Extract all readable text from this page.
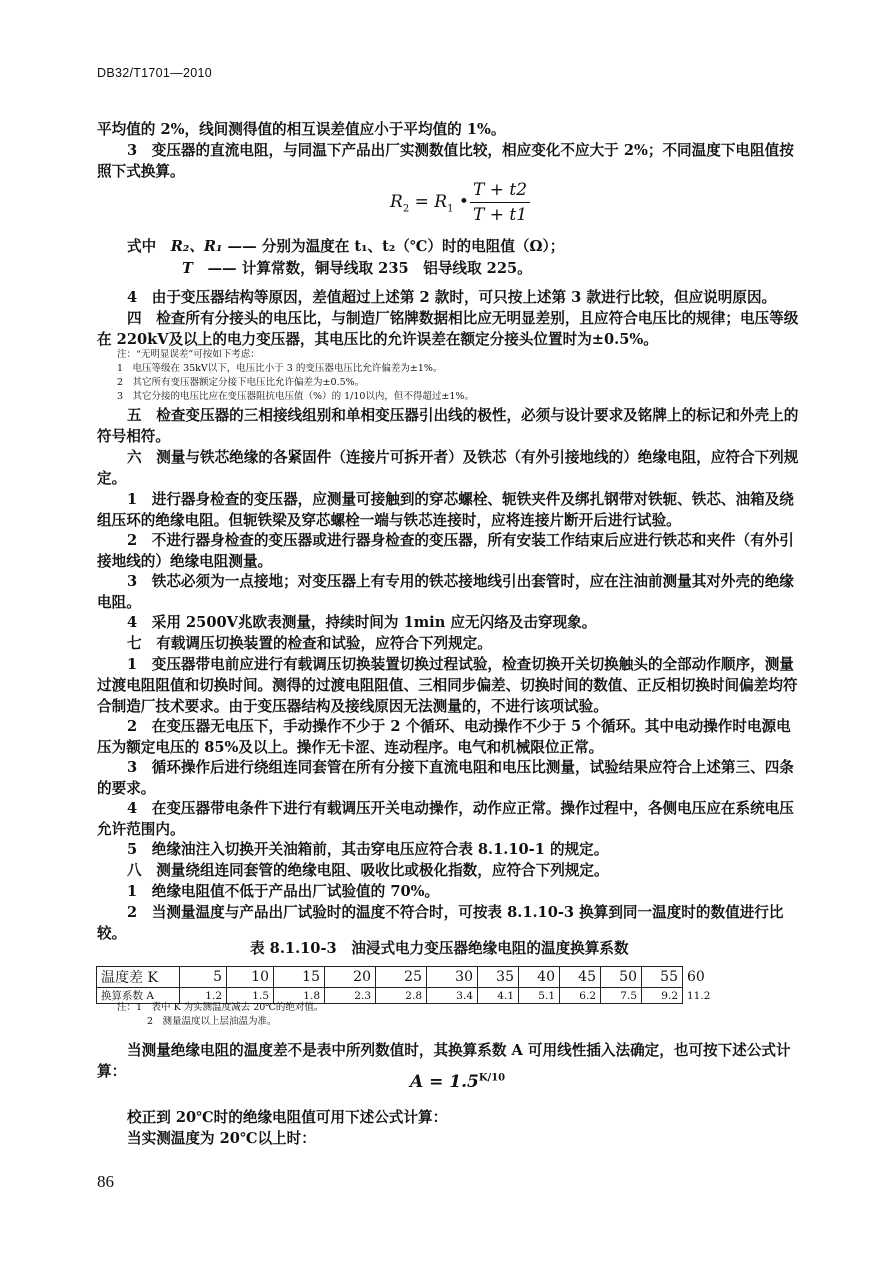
DB32/T1701—2010
平均值的 2%，线间测得值的相互误差值应小于平均值的 1%。
3　变压器的直流电阻，与同温下产品出厂实测数值比较，相应变化不应大于 2%；不同温度下电阻值按照下式换算。
$R_2 = R_1$ • $\frac{T + t2}{T + t1}$
式中　R₂、R₁ —— 分别为温度在 t₁、t₂（℃）时的电阻值（Ω）；
T　—— 计算常数，铜导线取 235　铝导线取 225。
4　由于变压器结构等原因，差值超过上述第 2 款时，可只按上述第 3 款进行比较，但应说明原因。
四　检查所有分接头的电压比，与制造厂铭牌数据相比应无明显差别，且应符合电压比的规律；电压等级在 220kV及以上的电力变压器，其电压比的允许误差在额定分接头位置时为±0.5%。
注：“无明显误差”可按如下考虑：
1　电压等级在 35kV以下，电压比小于 3 的变压器电压比允许偏差为±1%。
2　其它所有变压器额定分接下电压比允许偏差为±0.5%。
3　其它分接的电压比应在变压器阻抗电压值（%）的 1/10以内，但不得超过±1%。
五　检查变压器的三相接线组别和单相变压器引出线的极性，必须与设计要求及铭牌上的标记和外壳上的符号相符。
六　测量与铁芯绝缘的各紧固件（连接片可拆开者）及铁芯（有外引接地线的）绝缘电阻，应符合下列规定。
1　进行器身检查的变压器，应测量可接触到的穿芯螺栓、轭铁夹件及绑扎钢带对铁轭、铁芯、油箱及绕组压环的绝缘电阻。但轭铁梁及穿芯螺栓一端与铁芯连接时，应将连接片断开后进行试验。
2　不进行器身检查的变压器或进行器身检查的变压器，所有安装工作结束后应进行铁芯和夹件（有外引接地线的）绝缘电阻测量。
3　铁芯必须为一点接地；对变压器上有专用的铁芯接地线引出套管时，应在注油前测量其对外壳的绝缘电阻。
4　采用 2500V兆欧表测量，持续时间为 1min 应无闪络及击穿现象。
七　有载调压切换装置的检查和试验，应符合下列规定。
1　变压器带电前应进行有载调压切换装置切换过程试验，检查切换开关切换触头的全部动作顺序，测量过渡电阻阻值和切换时间。测得的过渡电阻阻值、三相同步偏差、切换时间的数值、正反相切换时间偏差均符合制造厂技术要求。由于变压器结构及接线原因无法测量的，不进行该项试验。
2　在变压器无电压下，手动操作不少于 2 个循环、电动操作不少于 5 个循环。其中电动操作时电源电压为额定电压的 85%及以上。操作无卡涩、连动程序。电气和机械限位正常。
3　循环操作后进行绕组连同套管在所有分接下直流电阻和电压比测量，试验结果应符合上述第三、四条的要求。
4　在变压器带电条件下进行有载调压开关电动操作，动作应正常。操作过程中，各侧电压应在系统电压允许范围内。
5　绝缘油注入切换开关油箱前，其击穿电压应符合表 8.1.10-1 的规定。
八　测量绕组连同套管的绝缘电阻、吸收比或极化指数，应符合下列规定。
1　绝缘电阻值不低于产品出厂试验值的 70%。
2　当测量温度与产品出厂试验时的温度不符合时，可按表 8.1.10-3 换算到同一温度时的数值进行比较。
表 8.1.10-3　油浸式电力变压器绝缘电阻的温度换算系数
温度差 K	5	10	15	20	25	30	35	40	45	50	55	60
换算系数 A	1.2	1.5	1.8	2.3	2.8	3.4	4.1	5.1	6.2	7.5	9.2	11.2
注：1　表中 K 为实测温度减去 20℃的绝对值。
2　测量温度以上层油温为准。
当测量绝缘电阻的温度差不是表中所列数值时，其换算系数 A 可用线性插入法确定，也可按下述公式计算：
$A = 1.5^{K/10}$
校正到 20℃时的绝缘电阻值可用下述公式计算：
当实测温度为 20℃以上时：
86
